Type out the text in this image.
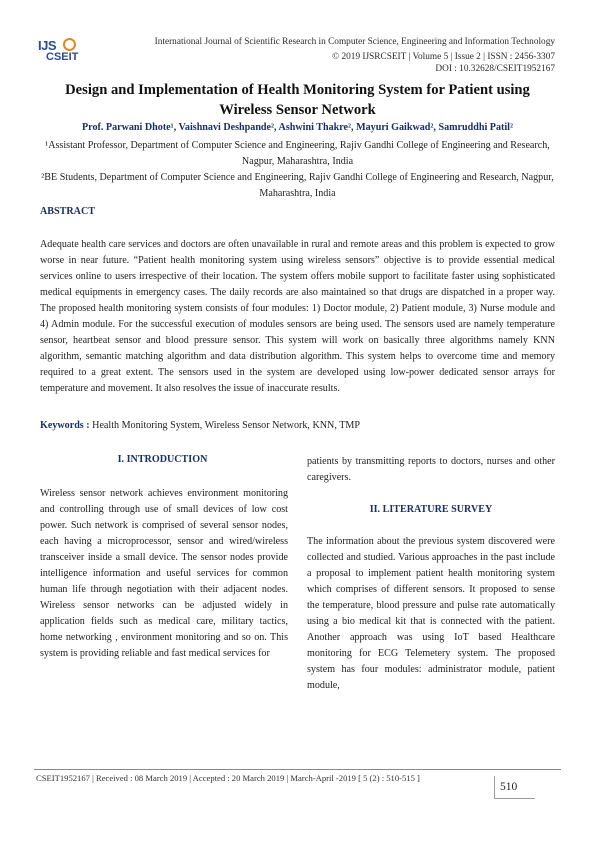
IJS
CSEIT
International Journal of Scientific Research in Computer Science, Engineering and Information Technology
© 2019 IJSRCSEIT | Volume 5 | Issue 2 | ISSN : 2456-3307
DOI : 10.32628/CSEIT1952167
Design and Implementation of Health Monitoring System for Patient using
Wireless Sensor Network
Prof. Parwani Dhote¹, Vaishnavi Deshpande², Ashwini Thakre², Mayuri Gaikwad², Samruddhi Patil²
¹Assistant Professor, Department of Computer Science and Engineering, Rajiv Gandhi College of Engineering and Research, Nagpur, Maharashtra, India
²BE Students, Department of Computer Science and Engineering, Rajiv Gandhi College of Engineering and Research, Nagpur, Maharashtra, India
ABSTRACT
Adequate health care services and doctors are often unavailable in rural and remote areas and this problem is expected to grow worse in near future. “Patient health monitoring system using wireless sensors” objective is to provide essential medical services online to users irrespective of their location. The system offers mobile support to facilitate faster using sophisticated medical equipments in emergency cases. The daily records are also maintained so that drugs are dispatched in a proper way. The proposed health monitoring system consists of four modules: 1) Doctor module, 2) Patient module, 3) Nurse module and 4) Admin module. For the successful execution of modules sensors are being used. The sensors used are namely temperature sensor, heartbeat sensor and blood pressure sensor. This system will work on basically three algorithms namely KNN algorithm, semantic matching algorithm and data distribution algorithm. This system helps to overcome time and memory required to a great extent. The sensors used in the system are developed using low-power dedicated sensor arrays for temperature and movement. It also resolves the issue of inaccurate results.
Keywords : Health Monitoring System, Wireless Sensor Network, KNN, TMP
I. INTRODUCTION
Wireless sensor network achieves environment monitoring and controlling through use of small devices of low cost power. Such network is comprised of several sensor nodes, each having a microprocessor, sensor and wired/wireless transceiver inside a small device. The sensor nodes provide intelligence information and useful services for common human life through negotiation with their adjacent nodes. Wireless sensor networks can be adjusted widely in application fields such as medical care, military tactics, home networking , environment monitoring and so on. This system is providing reliable and fast medical services for
patients by transmitting reports to doctors, nurses and other caregivers.
II. LITERATURE SURVEY
The information about the previous system discovered were collected and studied. Various approaches in the past include a proposal to implement patient health monitoring system which comprises of different sensors. It proposed to sense the temperature, blood pressure and pulse rate automatically using a bio medical kit that is connected with the patient. Another approach was using IoT based Healthcare monitoring for ECG Telemetery system. The proposed system has four modules: administrator module, patient module,
CSEIT1952167 | Received : 08 March 2019 | Accepted : 20 March 2019 | March-April -2019 [ 5 (2) : 510-515 ]
510
